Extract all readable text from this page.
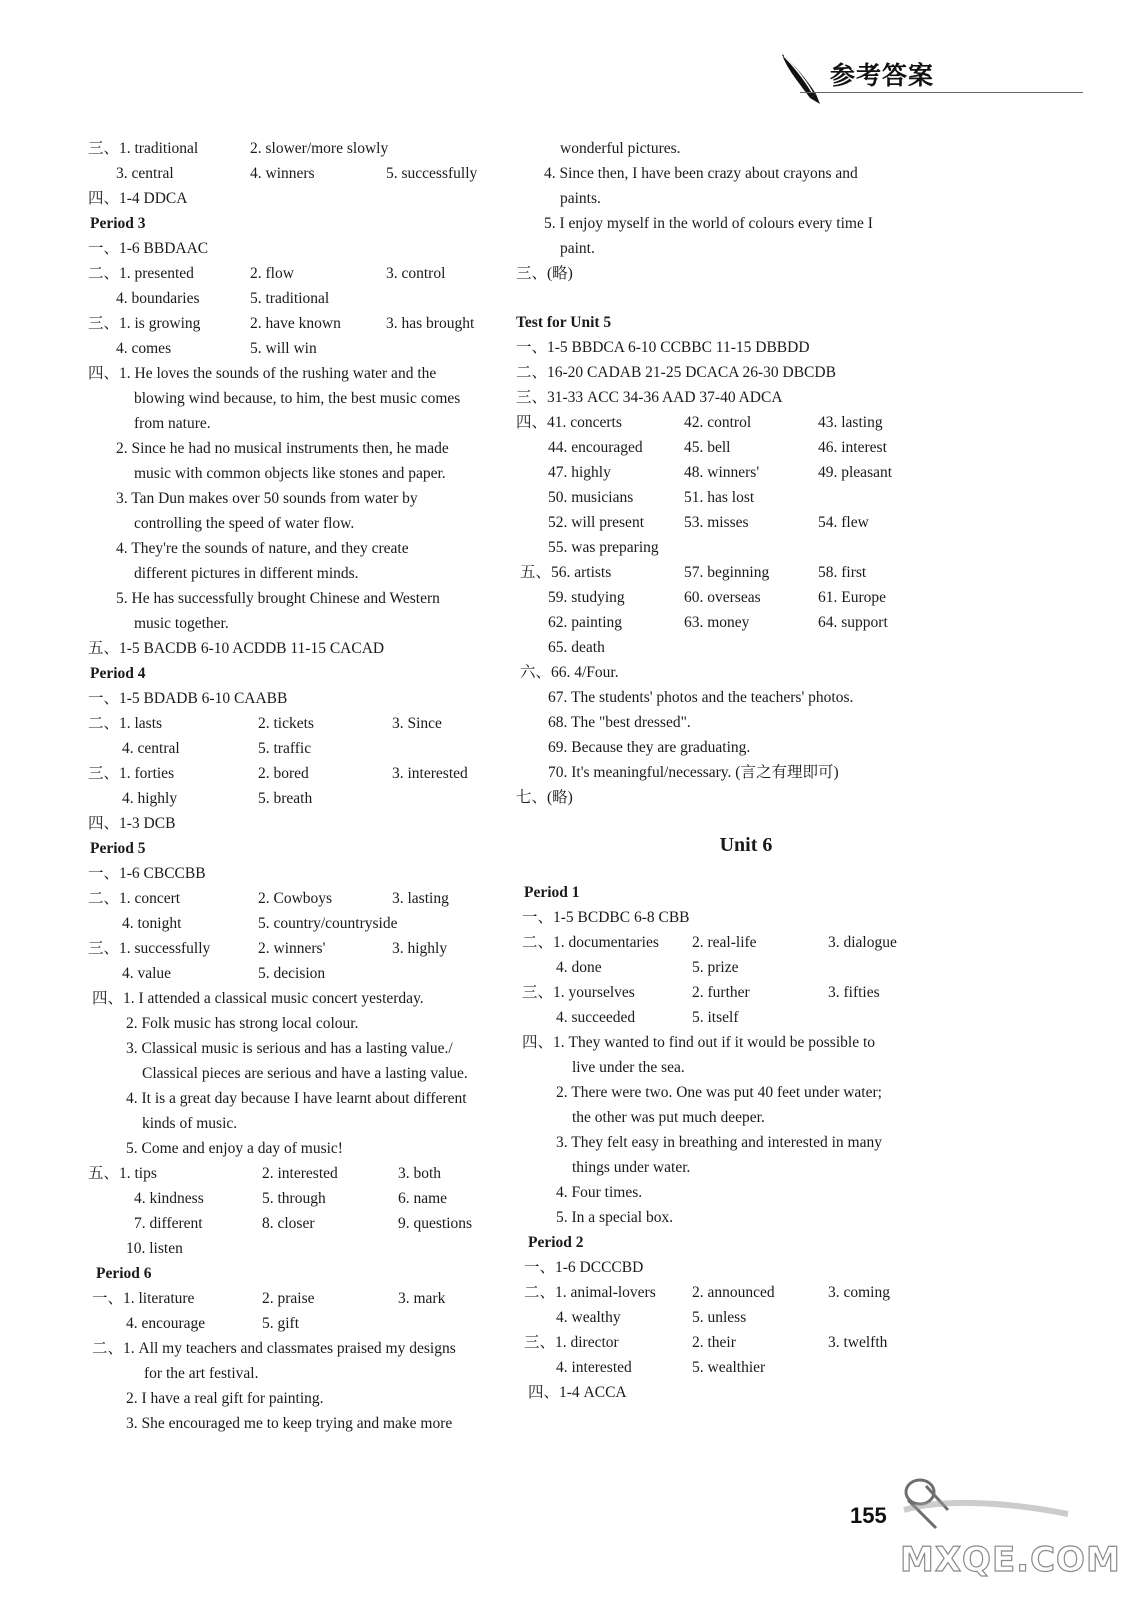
参考答案
三、1. traditional	2. slower/more slowly
3. central	4. winners	5. successfully
四、1-4 DDCA
Period 3
一、1-6 BBDAAC
二、1. presented	2. flow	3. control
4. boundaries	5. traditional
三、1. is growing	2. have known	3. has brought
4. comes	5. will win
四、1. He loves the sounds of the rushing water and the
blowing wind because, to him, the best music comes
from nature.
2. Since he had no musical instruments then, he made
music with common objects like stones and paper.
3. Tan Dun makes over 50 sounds from water by
controlling the speed of water flow.
4. They're the sounds of nature, and they create
different pictures in different minds.
5. He has successfully brought Chinese and Western
music together.
五、1-5 BACDB 6-10 ACDDB 11-15 CACAD
Period 4
一、1-5 BDADB 6-10 CAABB
二、1. lasts	2. tickets	3. Since
4. central	5. traffic
三、1. forties	2. bored	3. interested
4. highly	5. breath
四、1-3 DCB
Period 5
一、1-6 CBCCBB
二、1. concert	2. Cowboys	3. lasting
4. tonight	5. country/countryside
三、1. successfully	2. winners'	3. highly
4. value	5. decision
四、1. I attended a classical music concert yesterday.
2. Folk music has strong local colour.
3. Classical music is serious and has a lasting value./
Classical pieces are serious and have a lasting value.
4. It is a great day because I have learnt about different
kinds of music.
5. Come and enjoy a day of music!
五、1. tips	2. interested	3. both
4. kindness	5. through	6. name
7. different	8. closer	9. questions
10. listen
Period 6
一、1. literature	2. praise	3. mark
4. encourage	5. gift
二、1. All my teachers and classmates praised my designs
for the art festival.
2. I have a real gift for painting.
3. She encouraged me to keep trying and make more
wonderful pictures.
4. Since then, I have been crazy about crayons and
paints.
5. I enjoy myself in the world of colours every time I
paint.
三、(略)
Test for Unit 5
一、1-5 BBDCA 6-10 CCBBC 11-15 DBBDD
二、16-20 CADAB 21-25 DCACA 26-30 DBCDB
三、31-33 ACC 34-36 AAD 37-40 ADCA
四、41. concerts	42. control	43. lasting
44. encouraged	45. bell	46. interest
47. highly	48. winners'	49. pleasant
50. musicians	51. has lost
52. will present	53. misses	54. flew
55. was preparing
五、56. artists	57. beginning	58. first
59. studying	60. overseas	61. Europe
62. painting	63. money	64. support
65. death
六、66. 4/Four.
67. The students' photos and the teachers' photos.
68. The "best dressed".
69. Because they are graduating.
70. It's meaningful/necessary. (言之有理即可)
七、(略)
Unit 6
Period 1
一、1-5 BCDBC 6-8 CBB
二、1. documentaries 2. real-life	3. dialogue
4. done	5. prize
三、1. yourselves	2. further	3. fifties
4. succeeded	5. itself
四、1. They wanted to find out if it would be possible to
live under the sea.
2. There were two. One was put 40 feet under water;
the other was put much deeper.
3. They felt easy in breathing and interested in many
things under water.
4. Four times.
5. In a special box.
Period 2
一、1-6 DCCCBD
二、1. animal-lovers 2. announced	3. coming
4. wealthy	5. unless
三、1. director	2. their	3. twelfth
4. interested	5. wealthier
四、1-4 ACCA
155
MXQE.COM
